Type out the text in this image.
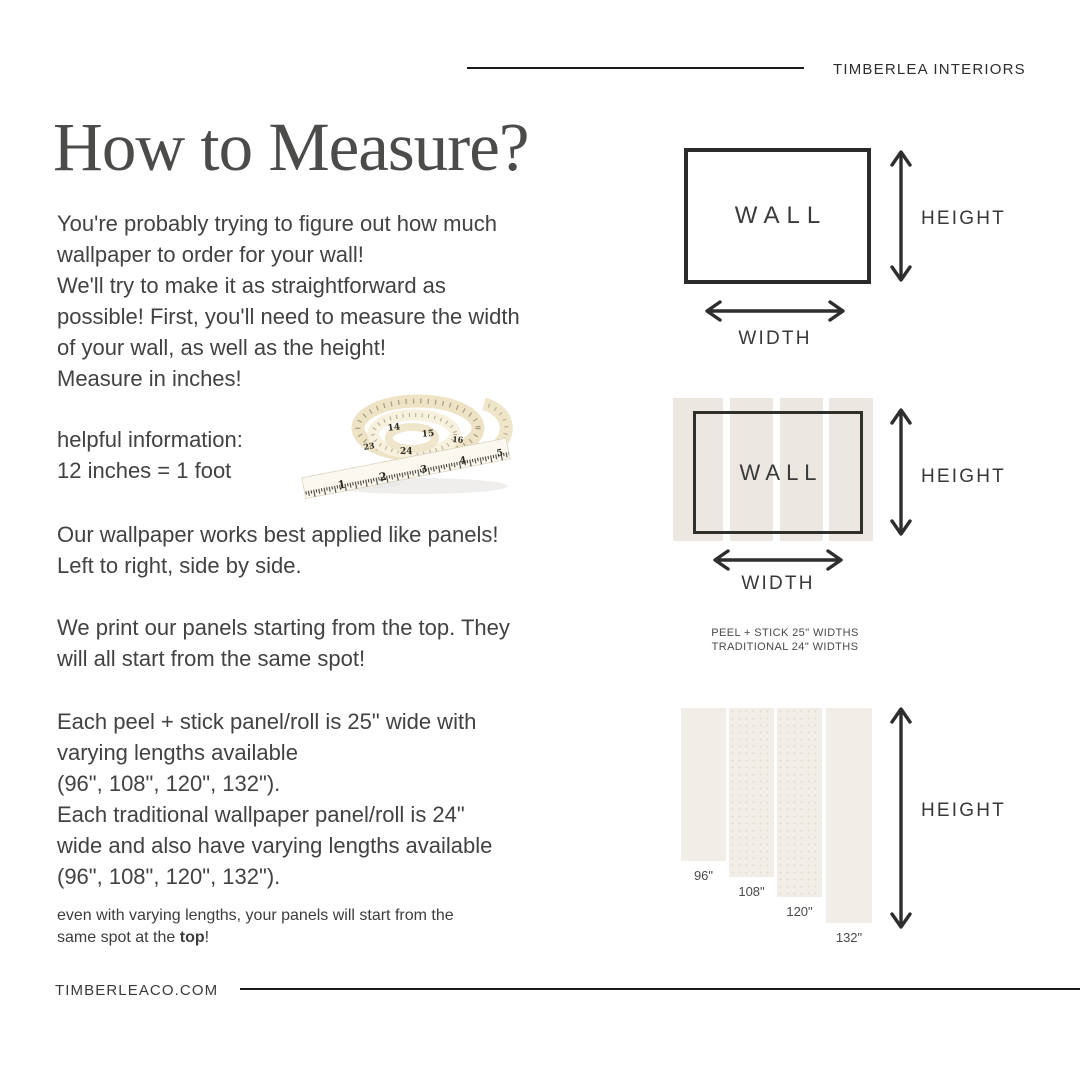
TIMBERLEA INTERIORS
How to Measure?
You're probably trying to figure out how much
wallpaper to order for your wall!
We'll try to make it as straightforward as
possible! First, you'll need to measure the width
of your wall, as well as the height!
Measure in inches!
helpful information:
12 inches = 1 foot
14
15 16
23
24
1
2	3
4
5
Our wallpaper works best applied like panels!
Left to right, side by side.
We print our panels starting from the top. They
will all start from the same spot!
Each peel + stick panel/roll is 25" wide with
varying lengths available
(96", 108", 120", 132").
Each traditional wallpaper panel/roll is 24"
wide and also have varying lengths available
(96", 108", 120", 132").
even with varying lengths, your panels will start from the
same spot at the top!
TIMBERLEACO.COM
WALL	HEIGHT
WIDTH
WALL	HEIGHT
WIDTH
PEEL + STICK 25" WIDTHS
TRADITIONAL 24" WIDTHS
96"
108"
120"
132"
HEIGHT
